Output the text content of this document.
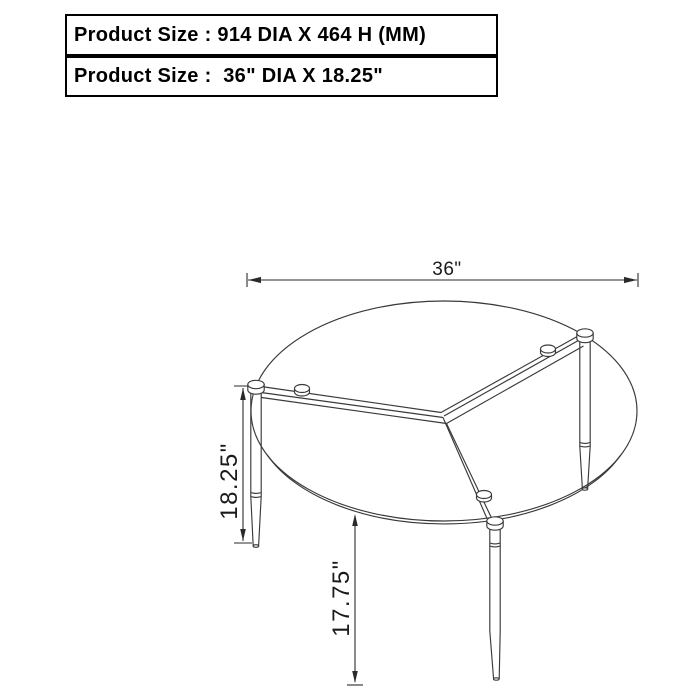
Product Size : 914 DIA X 464 H (MM)
Product Size :  36" DIA X 18.25"
36"
18.25"
17.75"
